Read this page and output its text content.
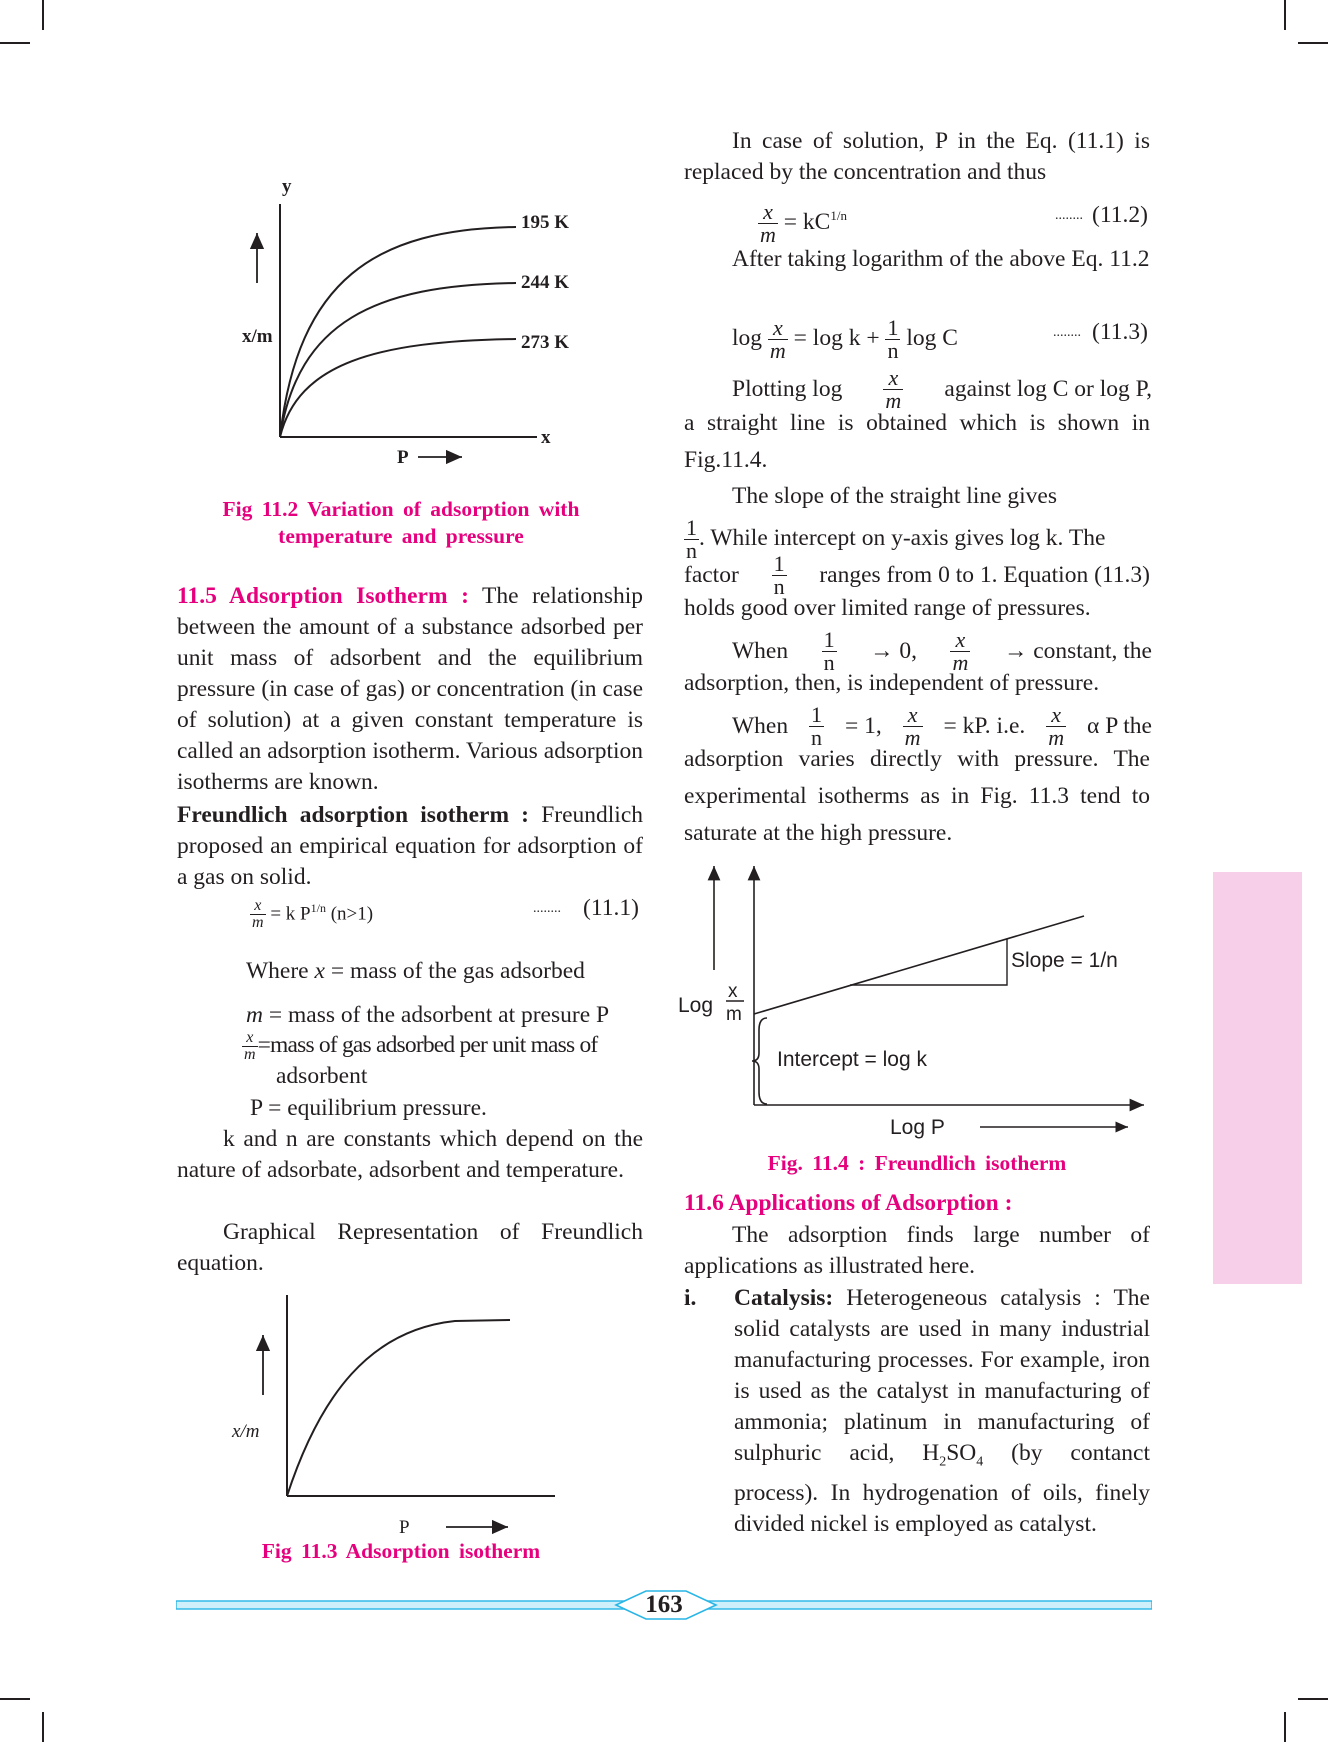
y
x
x/m
P
195 K
244 K
273 K
Fig 11.2 Variation of adsorption with
temperature and pressure

11.5 Adsorption Isotherm : The relationship between the amount of a substance adsorbed per unit mass of adsorbent and the equilibrium pressure (in case of gas) or concentration (in case of solution) at a given constant temperature is called an adsorption isotherm. Various adsorption isotherms are known.

Freundlich adsorption isotherm : Freundlich proposed an empirical equation for adsorption of a gas on solid.

$\frac{x}{m} = k$ $P^{1/n}$ (n>1)	........ (11.1)
Where x = mass of the gas adsorbed
m = mass of the adsorbent at presure P
$\frac{x}{m}$ =mass of gas adsorbed per unit mass of
adsorbent
P = equilibrium pressure.

k and n are constants which depend on the nature of adsorbate, adsorbent and temperature.

Graphical Representation of Freundlich equation.

x/m
P
Fig 11.3 Adsorption isotherm

In case of solution, P in the Eq. (11.1) is replaced by the concentration and thus

$\frac{x}{m} = kC^{1/n}$	........ (11.2)

After taking logarithm of the above Eq. 11.2

$\log \frac{x}{m} = \log k + \frac{1}{n}$ log C	........ (11.3)
Plotting $\log \frac{x}{m}$ against log C or log P,

a straight line is obtained which is shown in Fig.11.4.

The slope of the straight line gives

$\frac{1}{n}$ . While intercept on y-axis gives log k. The
factor $\frac{1}{n}$ ranges from 0 to 1. Equation (11.3)
holds good over limited range of pressures.
When $\frac{1}{n} \to 0$, $\frac{x}{m}$ → constant, the
adsorption, then, is independent of pressure.
When $\frac{1}{n} = 1$, $\frac{x}{m}$ = kP. i.e. $\frac{x}{m}$ α P the

adsorption varies directly with pressure. The experimental isotherms as in Fig. 11.3 tend to saturate at the high pressure.

Log
x
m
Slope = 1/n
Intercept = log k
Log P
Fig. 11.4 : Freundlich isotherm
11.6 Applications of Adsorption :

The adsorption finds large number of applications as illustrated here.

i. Catalysis: Heterogeneous catalysis : The solid catalysts are used in many industrial manufacturing processes. For example, iron is used as the catalyst in manufacturing of ammonia; platinum in manufacturing of sulphuric acid, $H_2SO_4$ (by contanct process). In hydrogenation of oils, finely divided nickel is employed as catalyst.

163
